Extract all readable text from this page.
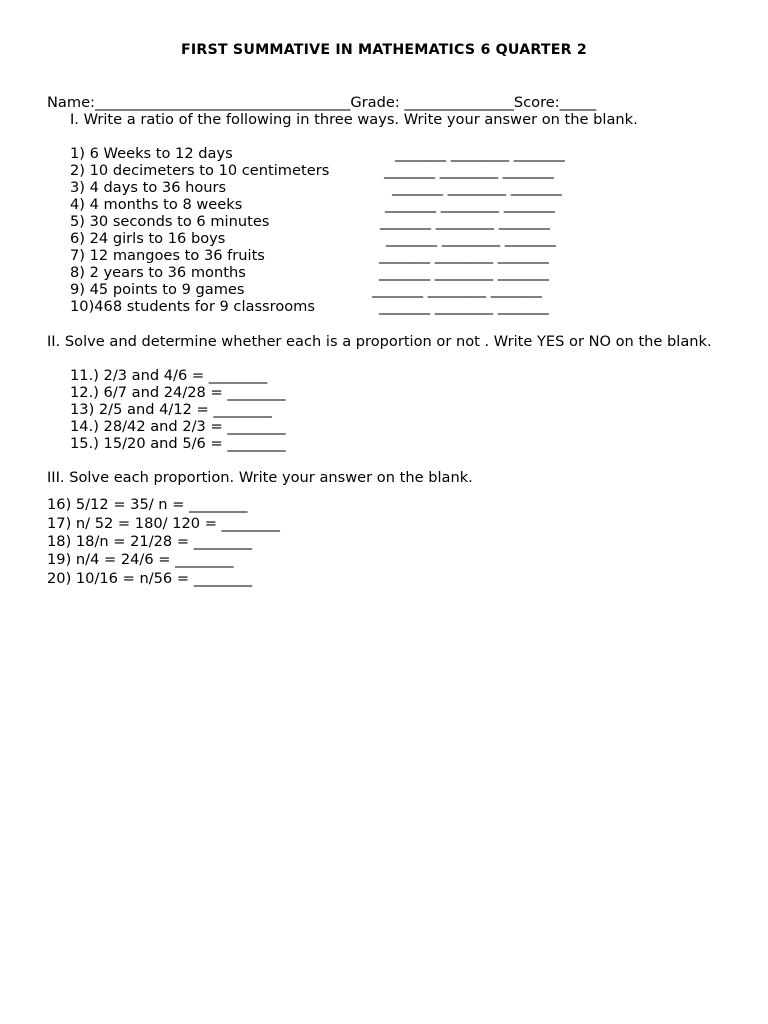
FIRST SUMMATIVE IN MATHEMATICS 6 QUARTER 2
Name:___________________________________Grade: _______________Score:_____
I. Write a ratio of the following in three ways. Write your answer on the blank.
1) 6 Weeks to 12 days	_______ ________ _______
2) 10 decimeters to 10 centimeters	_______ ________ _______
3) 4 days to 36 hours	_______ ________ _______
4) 4 months to 8 weeks	_______ ________ _______
5) 30 seconds to 6 minutes	_______ ________ _______
6) 24 girls to 16 boys	_______ ________ _______
7) 12 mangoes to 36 fruits	_______ ________ _______
8) 2 years to 36 months	_______ ________ _______
9) 45 points to 9 games	_______ ________ _______
10)468 students for 9 classrooms	_______ ________ _______
II. Solve and determine whether each is a proportion or not . Write YES or NO on the blank.
11.) 2/3 and 4/6 = ________
12.) 6/7 and 24/28 = ________
13) 2/5 and 4/12 = ________
14.) 28/42 and 2/3 = ________
15.) 15/20 and 5/6 = ________
III. Solve each proportion. Write your answer on the blank.
16) 5/12 = 35/ n = ________
17) n/ 52 = 180/ 120 = ________
18) 18/n = 21/28 = ________
19) n/4 = 24/6 = ________
20) 10/16 = n/56 = ________
